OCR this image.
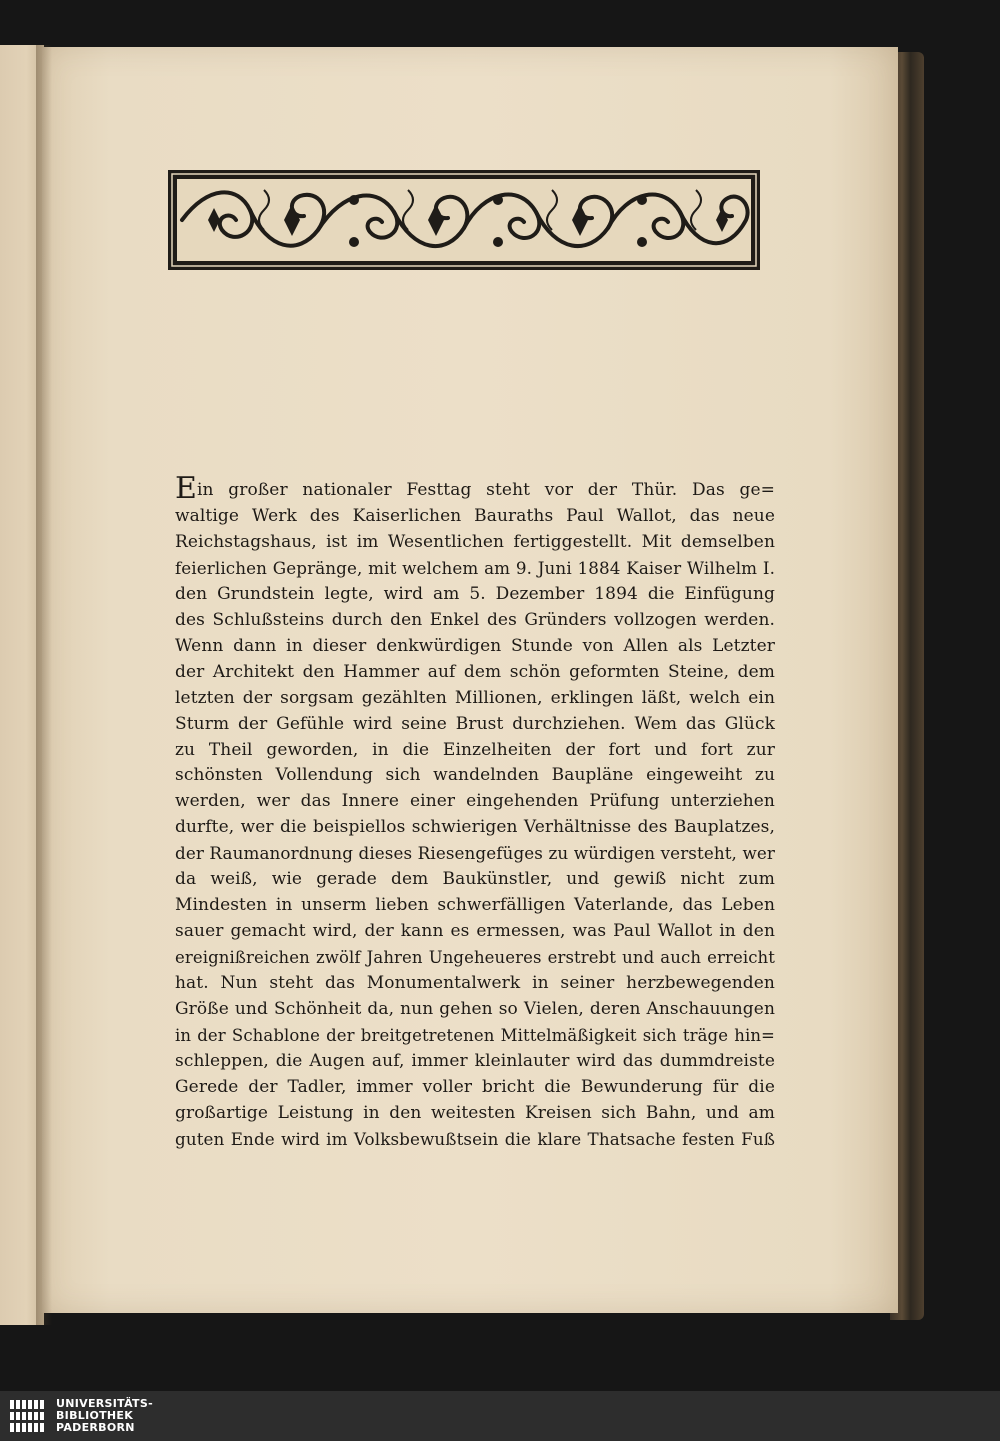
Ein großer nationaler Festtag steht vor der Thür. Das ge=
waltige Werk des Kaiserlichen Bauraths Paul Wallot, das neue
Reichstagshaus, ist im Wesentlichen fertiggestellt. Mit demselben
feierlichen Gepränge, mit welchem am 9. Juni 1884 Kaiser Wilhelm I.
den Grundstein legte, wird am 5. Dezember 1894 die Einfügung
des Schlußsteins durch den Enkel des Gründers vollzogen werden.
Wenn dann in dieser denkwürdigen Stunde von Allen als Letzter
der Architekt den Hammer auf dem schön geformten Steine, dem
letzten der sorgsam gezählten Millionen, erklingen läßt, welch ein
Sturm der Gefühle wird seine Brust durchziehen. Wem das Glück
zu Theil geworden, in die Einzelheiten der fort und fort zur
schönsten Vollendung sich wandelnden Baupläne eingeweiht zu
werden, wer das Innere einer eingehenden Prüfung unterziehen
durfte, wer die beispiellos schwierigen Verhältnisse des Bauplatzes,
der Raumanordnung dieses Riesengefüges zu würdigen versteht, wer
da weiß, wie gerade dem Baukünstler, und gewiß nicht zum
Mindesten in unserm lieben schwerfälligen Vaterlande, das Leben
sauer gemacht wird, der kann es ermessen, was Paul Wallot in den
ereignißreichen zwölf Jahren Ungeheueres erstrebt und auch erreicht
hat. Nun steht das Monumentalwerk in seiner herzbewegenden
Größe und Schönheit da, nun gehen so Vielen, deren Anschauungen
in der Schablone der breitgetretenen Mittelmäßigkeit sich träge hin=
schleppen, die Augen auf, immer kleinlauter wird das dummdreiste
Gerede der Tadler, immer voller bricht die Bewunderung für die
großartige Leistung in den weitesten Kreisen sich Bahn, und am
guten Ende wird im Volksbewußtsein die klare Thatsache festen Fuß
UNIVERSITÄTS-
BIBLIOTHEK
PADERBORN
